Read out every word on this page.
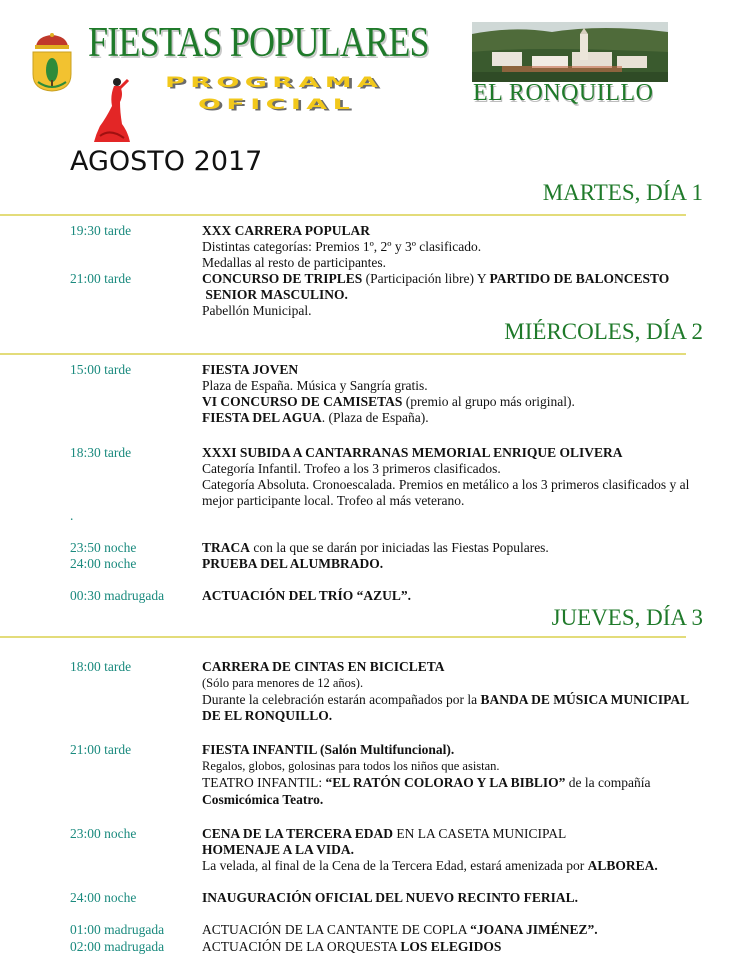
FIESTAS POPULARES
PROGRAMA
OFICIAL	EL RONQUILLO
AGOSTO 2017
MARTES, DÍA 1
19:30 tarde	XXX CARRERA POPULAR
Distintas categorías: Premios 1º, 2º y 3º clasificado.
Medallas al resto de participantes.
21:00 tarde	CONCURSO DE TRIPLES (Participación libre) Y PARTIDO DE BALONCESTO
SENIOR MASCULINO.
Pabellón Municipal.
MIÉRCOLES, DÍA 2
15:00 tarde	FIESTA JOVEN
Plaza de España. Música y Sangría gratis.
VI CONCURSO DE CAMISETAS (premio al grupo más original).
FIESTA DEL AGUA. (Plaza de España).
18:30 tarde	XXXI SUBIDA A CANTARRANAS MEMORIAL ENRIQUE OLIVERA
Categoría Infantil. Trofeo a los 3 primeros clasificados.
Categoría Absoluta. Cronoescalada. Premios en metálico a los 3 primeros clasificados y al
mejor participante local. Trofeo al más veterano.
.
23:50 noche	TRACA con la que se darán por iniciadas las Fiestas Populares.
24:00 noche	PRUEBA DEL ALUMBRADO.
00:30 madrugada	ACTUACIÓN DEL TRÍO “AZUL”.
JUEVES, DÍA 3
18:00 tarde	CARRERA DE CINTAS EN BICICLETA
(Sólo para menores de 12 años).
Durante la celebración estarán acompañados por la BANDA DE MÚSICA MUNICIPAL
DE EL RONQUILLO.
21:00 tarde	FIESTA INFANTIL (Salón Multifuncional).
Regalos, globos, golosinas para todos los niños que asistan.
TEATRO INFANTIL: “EL RATÓN COLORAO Y LA BIBLIO” de la compañía
Cosmicómica Teatro.
23:00 noche	CENA DE LA TERCERA EDAD EN LA CASETA MUNICIPAL
HOMENAJE A LA VIDA.
La velada, al final de la Cena de la Tercera Edad, estará amenizada por ALBOREA.
24:00 noche	INAUGURACIÓN OFICIAL DEL NUEVO RECINTO FERIAL.
01:00 madrugada	ACTUACIÓN DE LA CANTANTE DE COPLA “JOANA JIMÉNEZ”.
02:00 madrugada	ACTUACIÓN DE LA ORQUESTA LOS ELEGIDOS
